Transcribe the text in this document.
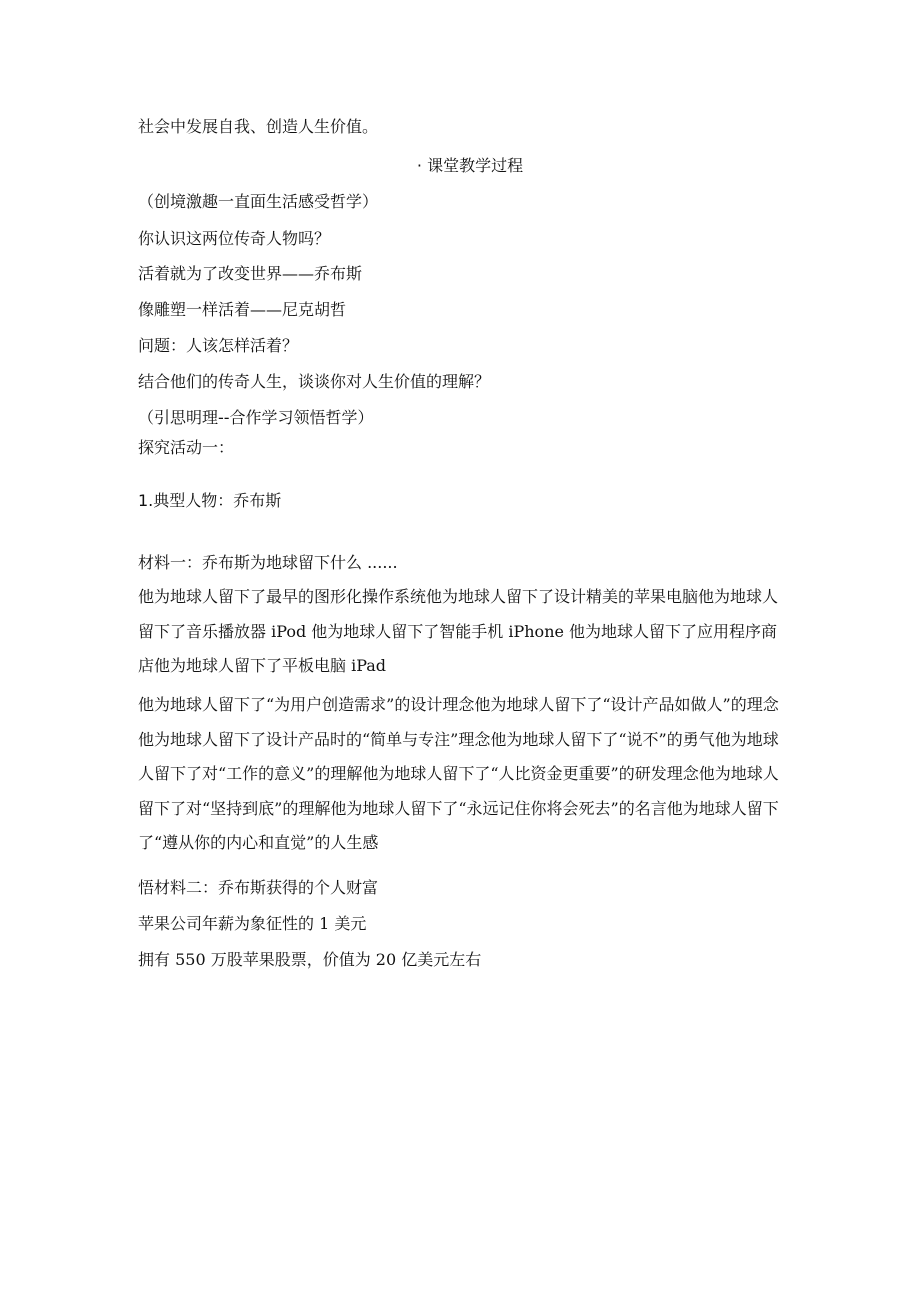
社会中发展自我、创造人生价值。
· 课堂教学过程
（创境激趣一直面生活感受哲学）
你认识这两位传奇人物吗？
活着就为了改变世界——乔布斯
像雕塑一样活着——尼克胡哲
问题：人该怎样活着？
结合他们的传奇人生，谈谈你对人生价值的理解？
（引思明理--合作学习领悟哲学）
探究活动一：
1.典型人物：乔布斯
材料一：乔布斯为地球留下什么 ......
他为地球人留下了最早的图形化操作系统他为地球人留下了设计精美的苹果电脑他为地球人留下了音乐播放器 iPod 他为地球人留下了智能手机 iPhone 他为地球人留下了应用程序商店他为地球人留下了平板电脑 iPad
他为地球人留下了“为用户创造需求”的设计理念他为地球人留下了“设计产品如做人”的理念他为地球人留下了设计产品时的“简单与专注”理念他为地球人留下了“说不”的勇气他为地球人留下了对“工作的意义”的理解他为地球人留下了“人比资金更重要”的研发理念他为地球人留下了对“坚持到底”的理解他为地球人留下了“永远记住你将会死去”的名言他为地球人留下了“遵从你的内心和直觉”的人生感
悟材料二：乔布斯获得的个人财富
苹果公司年薪为象征性的 1 美元
拥有 550 万股苹果股票，价值为 20 亿美元左右
